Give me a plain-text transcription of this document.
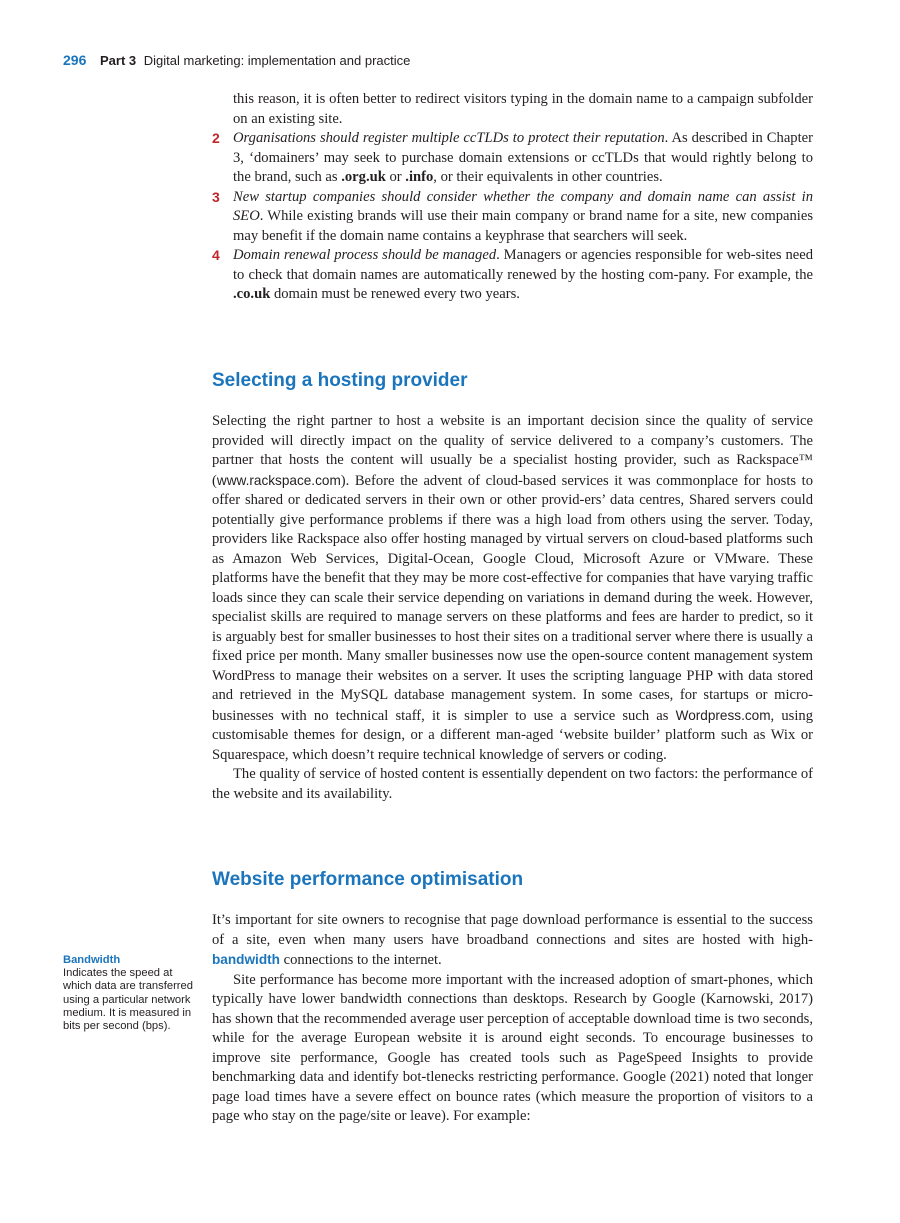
296 Part 3 Digital marketing: implementation and practice
this reason, it is often better to redirect visitors typing in the domain name to a campaign subfolder on an existing site.
2 Organisations should register multiple ccTLDs to protect their reputation. As described in Chapter 3, ‘domainers’ may seek to purchase domain extensions or ccTLDs that would rightly belong to the brand, such as .org.uk or .info, or their equivalents in other countries.
3 New startup companies should consider whether the company and domain name can assist in SEO. While existing brands will use their main company or brand name for a site, new companies may benefit if the domain name contains a keyphrase that searchers will seek.
4 Domain renewal process should be managed. Managers or agencies responsible for web-sites need to check that domain names are automatically renewed by the hosting com-pany. For example, the .co.uk domain must be renewed every two years.
Selecting a hosting provider

Selecting the right partner to host a website is an important decision since the quality of service provided will directly impact on the quality of service delivered to a company’s customers. The partner that hosts the content will usually be a specialist hosting provider, such as Rackspace™ (www.rackspace.com). Before the advent of cloud-based services it was commonplace for hosts to offer shared or dedicated servers in their own or other provid-ers’ data centres, Shared servers could potentially give performance problems if there was a high load from others using the server. Today, providers like Rackspace also offer hosting managed by virtual servers on cloud-based platforms such as Amazon Web Services, Digital-Ocean, Google Cloud, Microsoft Azure or VMware. These platforms have the benefit that they may be more cost-effective for companies that have varying traffic loads since they can scale their service depending on variations in demand during the week. However, specialist skills are required to manage servers on these platforms and fees are harder to predict, so it is arguably best for smaller businesses to host their sites on a traditional server where there is usually a fixed price per month. Many smaller businesses now use the open-source content management system WordPress to manage their websites on a server. It uses the scripting language PHP with data stored and retrieved in the MySQL database management system. In some cases, for startups or micro-businesses with no technical staff, it is simpler to use a service such as Wordpress.com, using customisable themes for design, or a different man-aged ‘website builder’ platform such as Wix or Squarespace, which doesn’t require technical knowledge of servers or coding.

The quality of service of hosted content is essentially dependent on two factors: the performance of the website and its availability.

Website performance optimisation

It’s important for site owners to recognise that page download performance is essential to the success of a site, even when many users have broadband connections and sites are hosted with high-bandwidth connections to the internet.

Site performance has become more important with the increased adoption of smart-phones, which typically have lower bandwidth connections than desktops. Research by Google (Karnowski, 2017) has shown that the recommended average user perception of acceptable download time is two seconds, while for the average European website it is around eight seconds. To encourage businesses to improve site performance, Google has created tools such as PageSpeed Insights to provide benchmarking data and identify bot-tlenecks restricting performance. Google (2021) noted that longer page load times have a severe effect on bounce rates (which measure the proportion of visitors to a page who stay on the page/site or leave). For example:

Bandwidth
Indicates the speed at which data are transferred using a particular network medium. It is measured in bits per second (bps).
